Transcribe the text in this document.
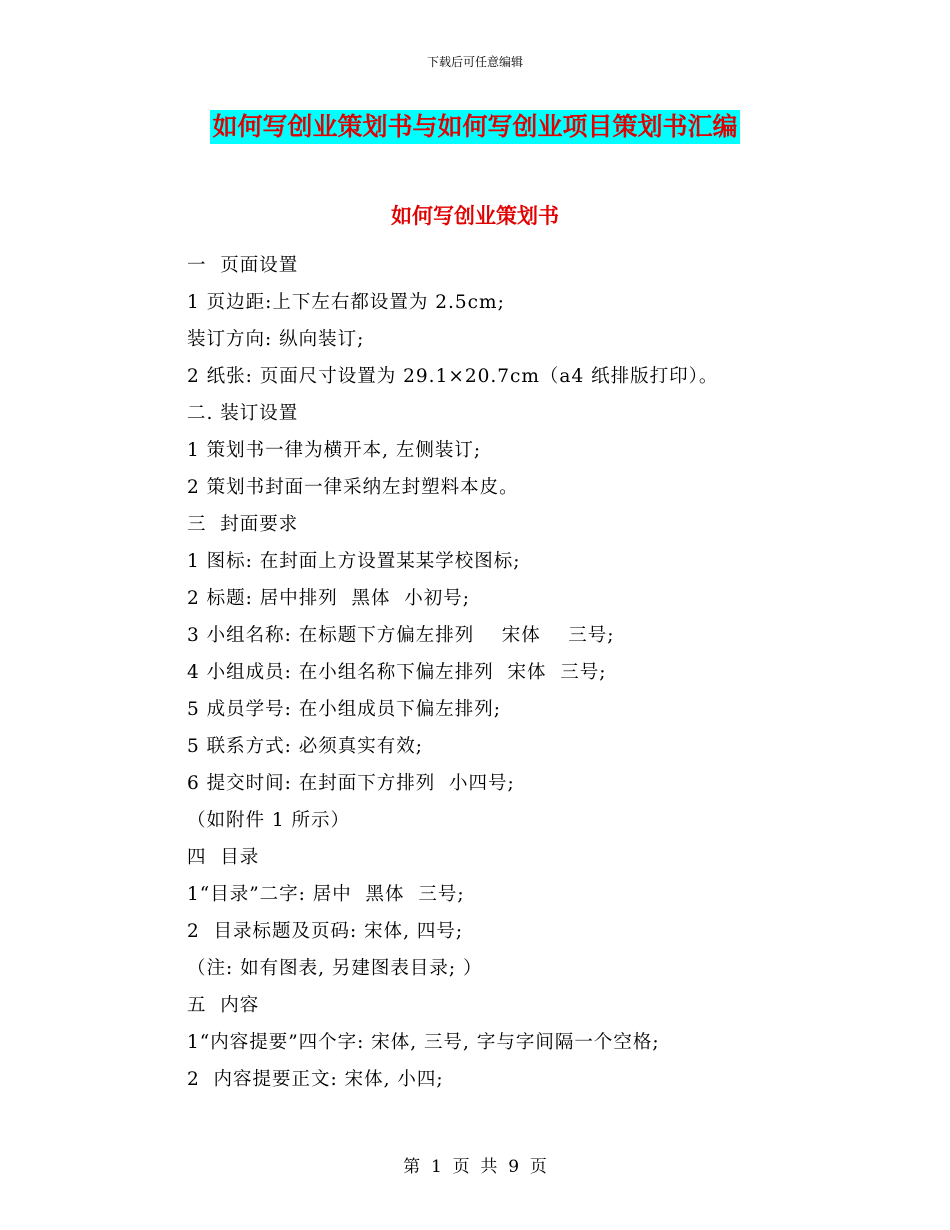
下载后可任意编辑
如何写创业策划书与如何写创业项目策划书汇编
如何写创业策划书
一  页面设置
1 页边距:上下左右都设置为 2.5cm;
装订方向: 纵向装订;
2 纸张: 页面尺寸设置为 29.1×20.7cm（a4 纸排版打印）。
二. 装订设置
1 策划书一律为横开本, 左侧装订;
2 策划书封面一律采纳左封塑料本皮。
三  封面要求
1 图标: 在封面上方设置某某学校图标;
2 标题: 居中排列  黑体  小初号;
3 小组名称: 在标题下方偏左排列    宋体    三号;
4 小组成员: 在小组名称下偏左排列  宋体  三号;
5 成员学号: 在小组成员下偏左排列;
5 联系方式: 必须真实有效;
6 提交时间: 在封面下方排列  小四号;
（如附件 1 所示）
四  目录
1“目录”二字: 居中  黑体  三号;
2  目录标题及页码: 宋体, 四号;
（注: 如有图表, 另建图表目录; ）
五  内容
1“内容提要”四个字: 宋体, 三号, 字与字间隔一个空格;
2  内容提要正文: 宋体, 小四;
第  1  页  共  9  页
